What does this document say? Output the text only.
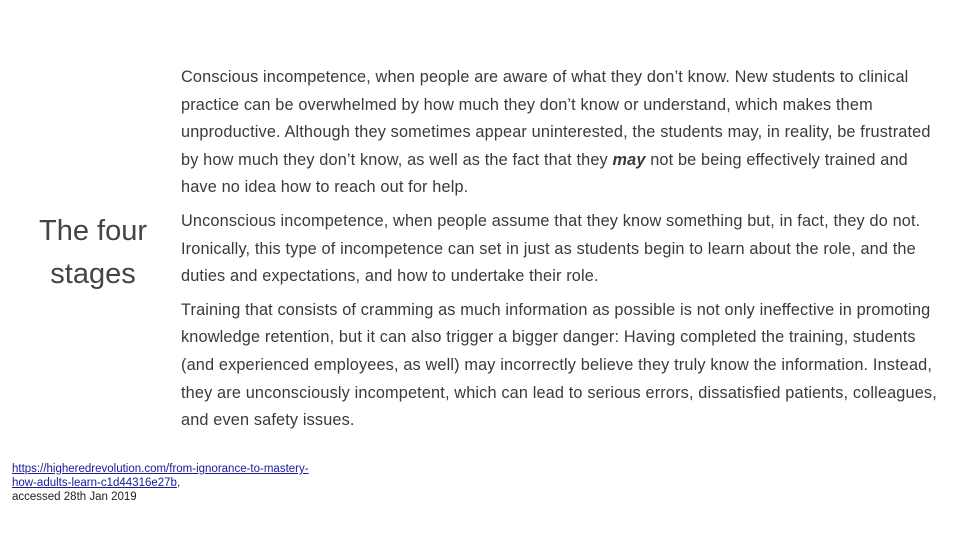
The four stages

Conscious incompetence, when people are aware of what they don’t know. New students to clinical practice can be overwhelmed by how much they don’t know or understand, which makes them unproductive. Although they sometimes appear uninterested, the students may, in reality, be frustrated by how much they don’t know, as well as the fact that they may not be being effectively trained and have no idea how to reach out for help.

Unconscious incompetence, when people assume that they know something but, in fact, they do not. Ironically, this type of incompetence can set in just as students begin to learn about the role, and the duties and expectations, and how to undertake their role.

Training that consists of cramming as much information as possible is not only ineffective in promoting knowledge retention, but it can also trigger a bigger danger: Having completed the training, students (and experienced employees, as well) may incorrectly believe they truly know the information. Instead, they are unconsciously incompetent, which can lead to serious errors, dissatisfied patients, colleagues, and even safety issues.

https://higheredrevolution.com/from-ignorance-to-mastery-how-adults-learn-c1d44316e27b,
accessed 28th Jan 2019
